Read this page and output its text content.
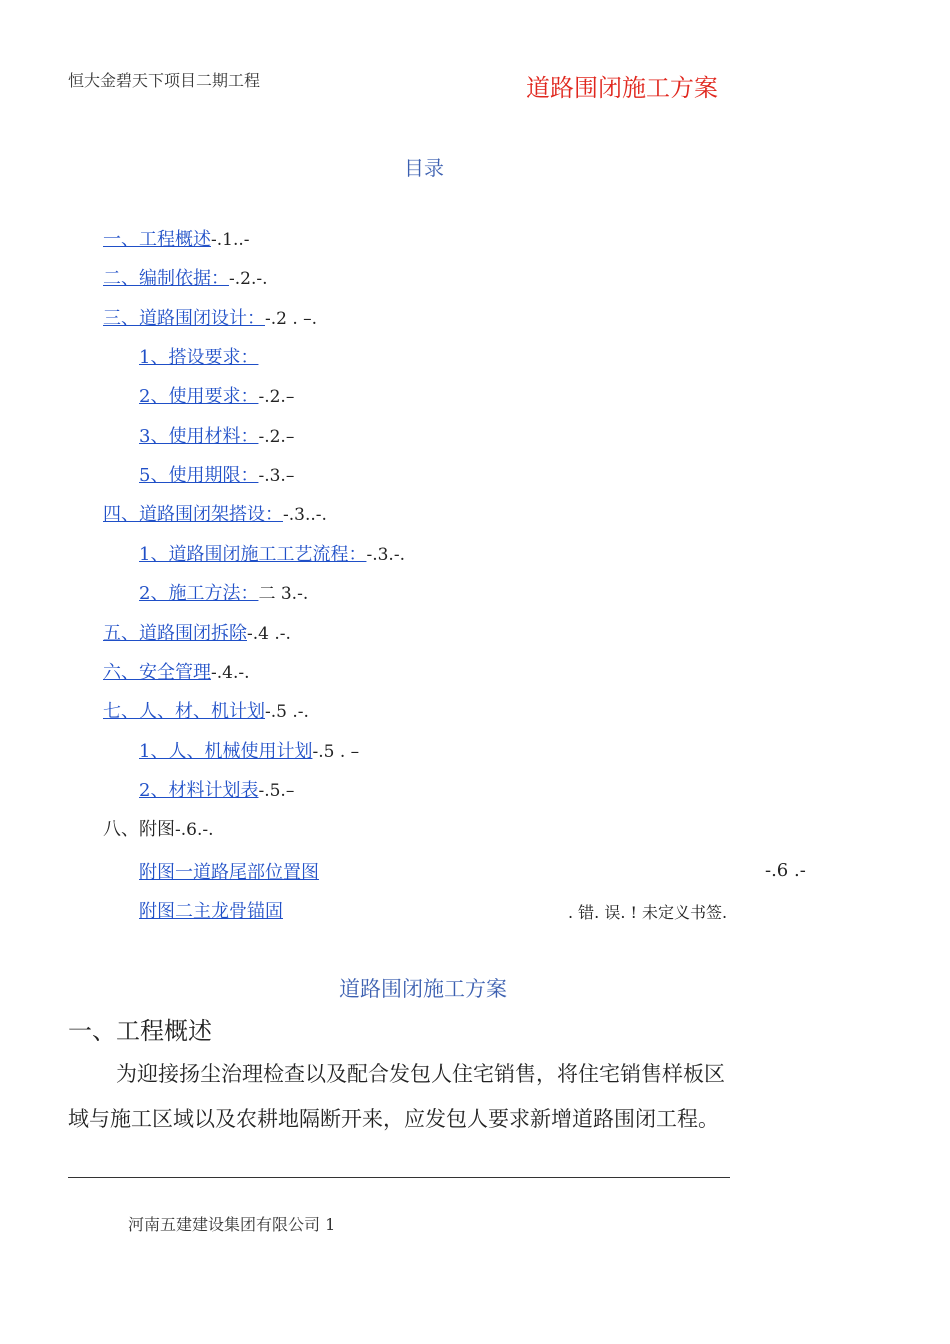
恒大金碧天下项目二期工程	道路围闭施工方案
目录
一、工程概述-.1..-
二、编制依据：-.2.-.
三、道路围闭设计：-.2 . –.
1、搭设要求：
2、使用要求：-.2.–
3、使用材料：-.2.–
5、使用期限：-.3.–
四、道路围闭架搭设：-.3..-.
1、道路围闭施工工艺流程：-.3.-.
2、施工方法：二 3.-.
五、道路围闭拆除-.4 .-.
六、安全管理-.4.-.
七、人、材、机计划-.5 .-.
1、人、机械使用计划-.5 . –
2、材料计划表-.5.–
八、附图-.6.-.
附图一道路尾部位置图	-.6 .-
附图二主龙骨锚固	. 错. 误. ! 未定义书签.
道路围闭施工方案
一、工程概述
为迎接扬尘治理检查以及配合发包人住宅销售，将住宅销售样板区域与施工区域以及农耕地隔断开来，应发包人要求新增道路围闭工程。
河南五建建设集团有限公司 1
